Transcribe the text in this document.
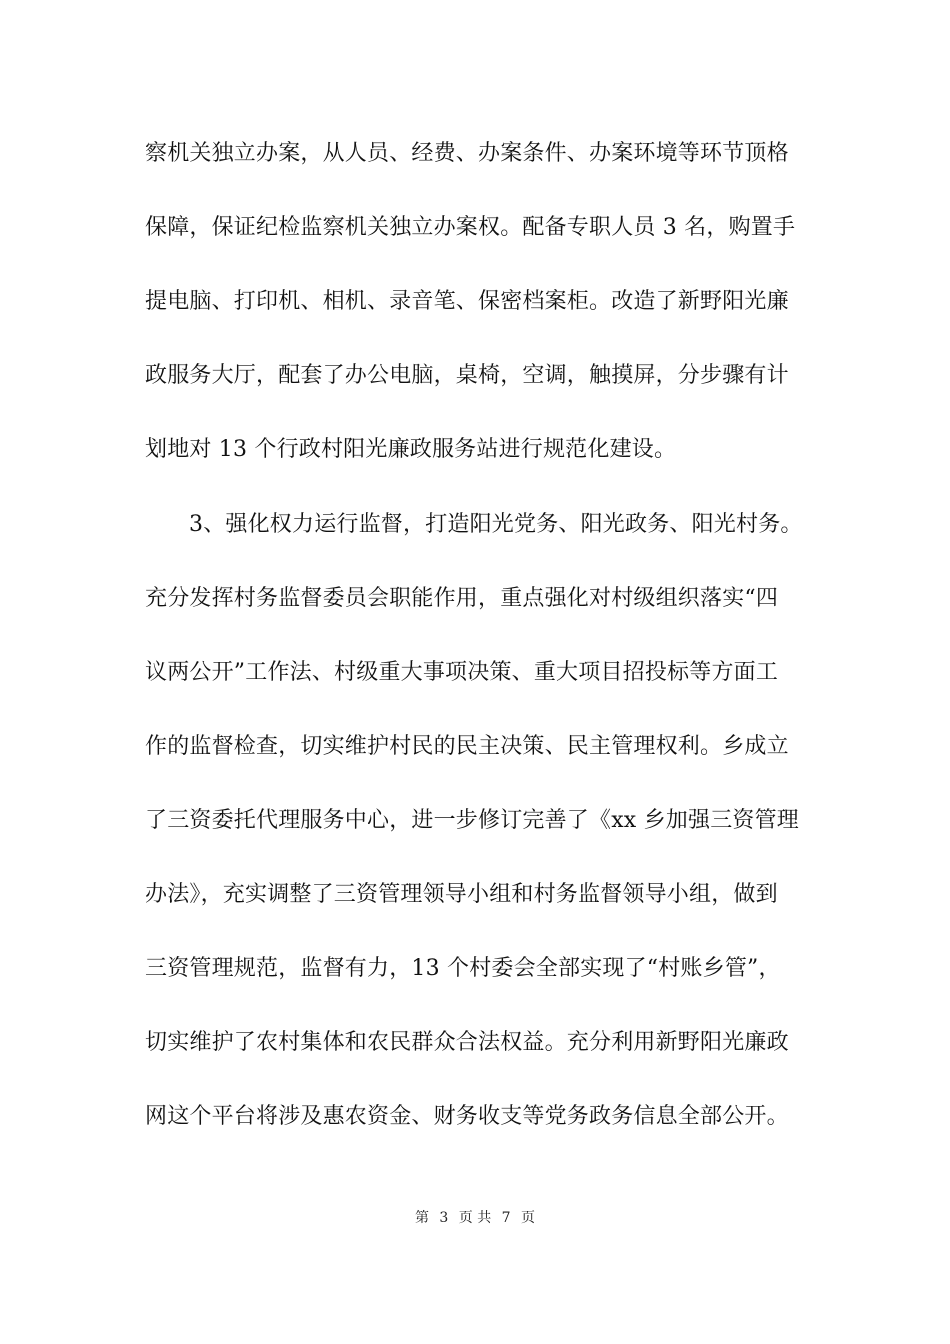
察机关独立办案，从人员、经费、办案条件、办案环境等环节顶格
保障，保证纪检监察机关独立办案权。配备专职人员 3 名，购置手
提电脑、打印机、相机、录音笔、保密档案柜。改造了新野阳光廉
政服务大厅，配套了办公电脑，桌椅，空调，触摸屏，分步骤有计
划地对 13 个行政村阳光廉政服务站进行规范化建设。
3、强化权力运行监督，打造阳光党务、阳光政务、阳光村务。
充分发挥村务监督委员会职能作用，重点强化对村级组织落实“四
议两公开”工作法、村级重大事项决策、重大项目招投标等方面工
作的监督检查，切实维护村民的民主决策、民主管理权利。乡成立
了三资委托代理服务中心，进一步修订完善了《xx 乡加强三资管理
办法》，充实调整了三资管理领导小组和村务监督领导小组，做到
三资管理规范，监督有力，13 个村委会全部实现了“村账乡管”，
切实维护了农村集体和农民群众合法权益。充分利用新野阳光廉政
网这个平台将涉及惠农资金、财务收支等党务政务信息全部公开。
第 3 页 共 7 页
